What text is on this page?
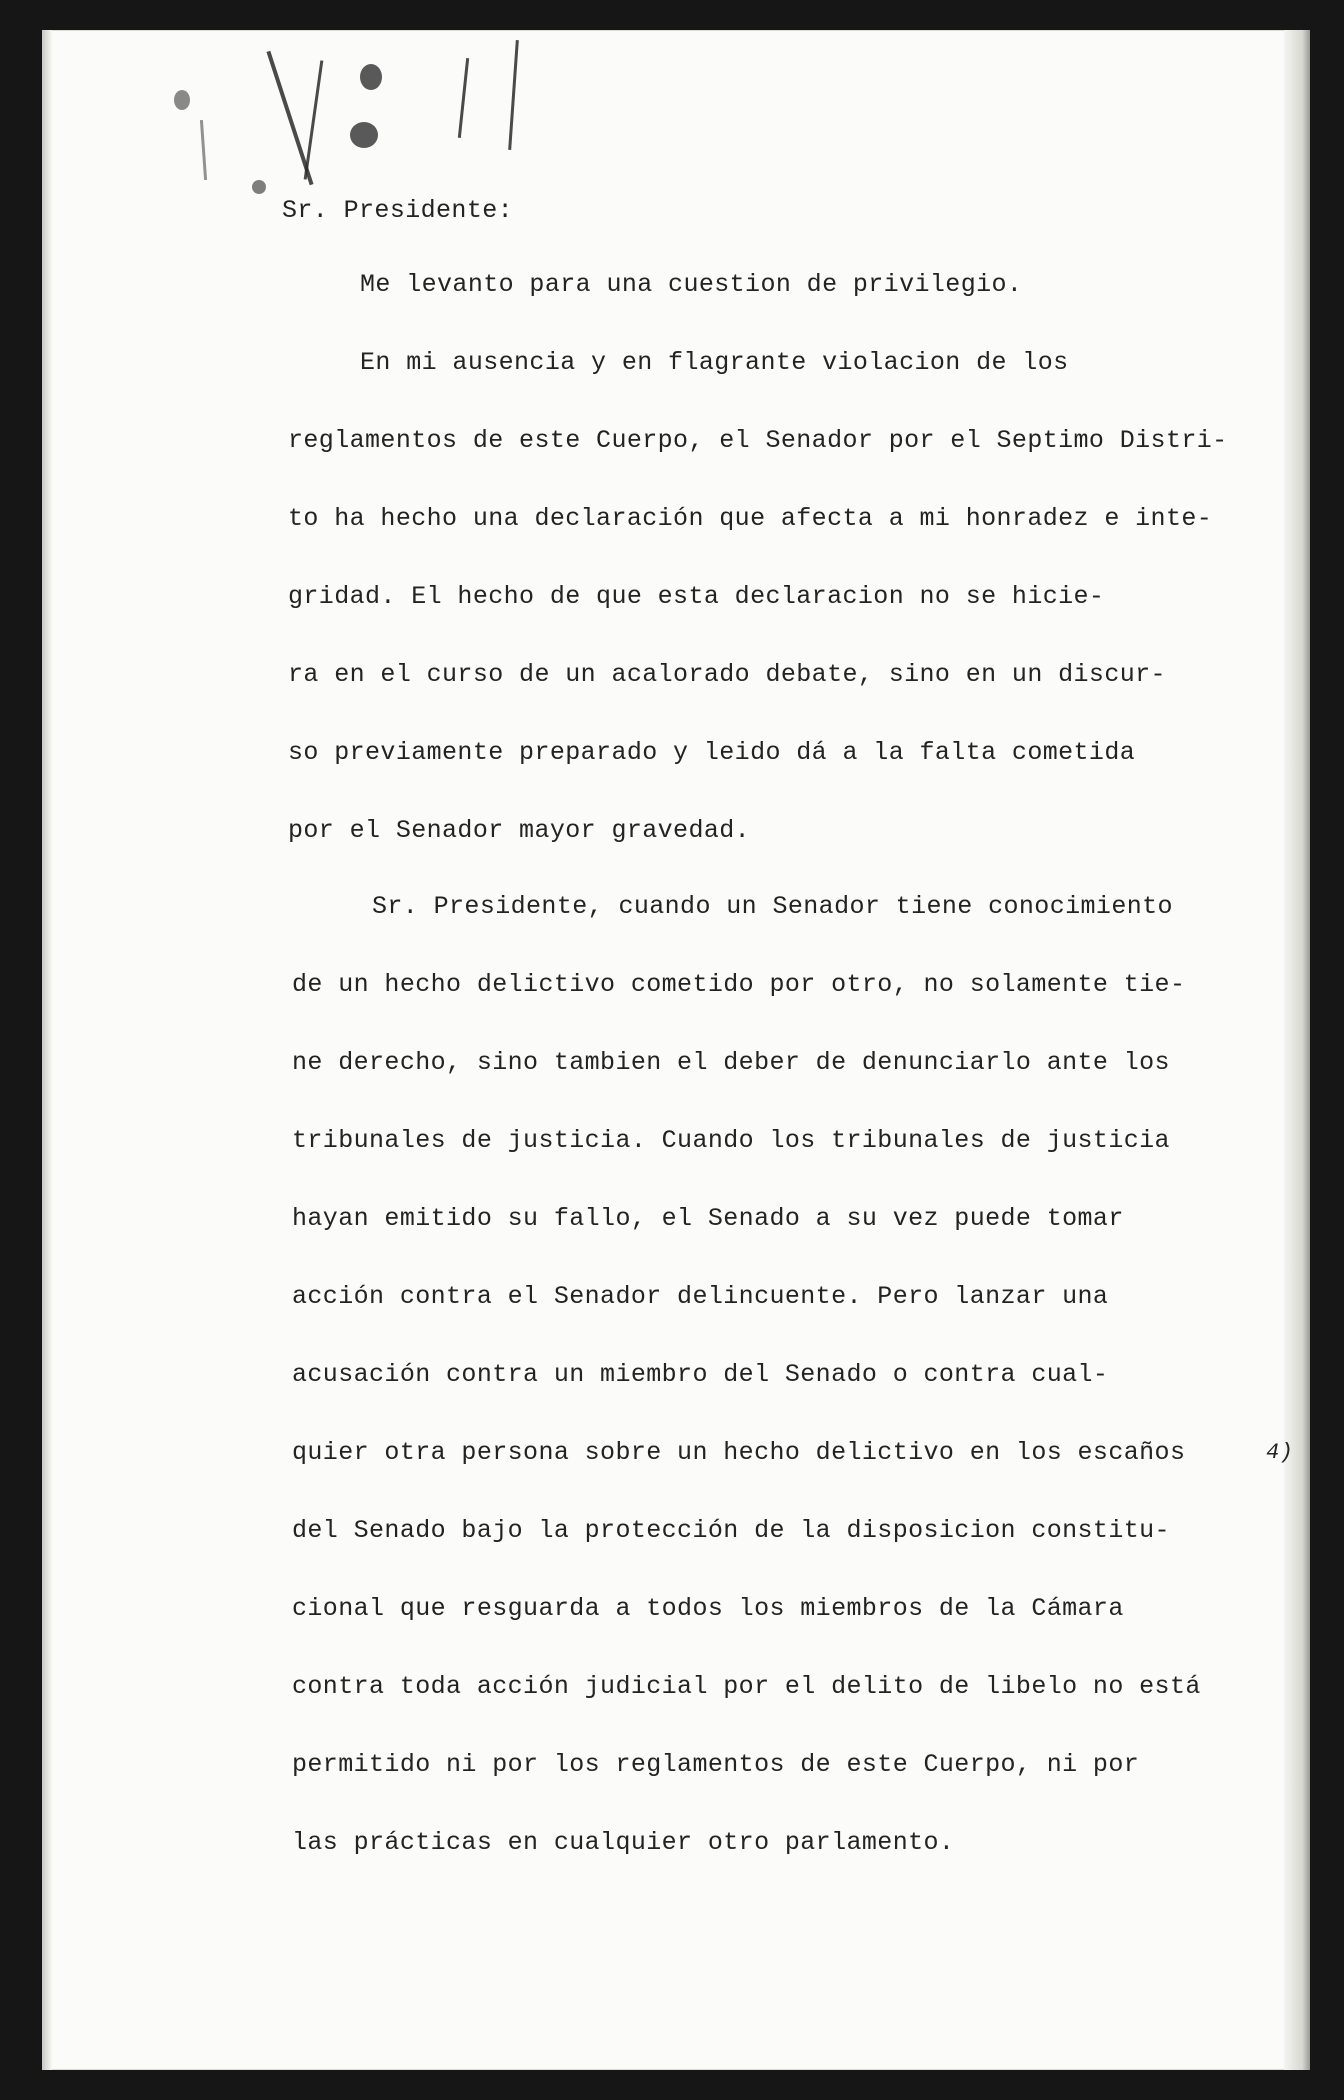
Sr. Presidente:

Me levanto para una cuestion de privilegio.

En mi ausencia y en flagrante violacion de los

reglamentos de este Cuerpo, el Senador por el Septimo Distri-

to ha hecho una declaración que afecta a mi honradez e inte-

gridad. El hecho de que esta declaracion no se hicie-

ra en el curso de un acalorado debate, sino en un discur-

so previamente preparado y leido dá a la falta cometida

por el Senador mayor gravedad.

Sr. Presidente, cuando un Senador tiene conocimiento

de un hecho delictivo cometido por otro, no solamente tie-

ne derecho, sino tambien el deber de denunciarlo ante los

tribunales de justicia. Cuando los tribunales de justicia

hayan emitido su fallo, el Senado a su vez puede tomar

acción contra el Senador delincuente. Pero lanzar una

acusación contra un miembro del Senado o contra cual-

quier otra persona sobre un hecho delictivo en los escaños

del Senado bajo la protección de la disposicion constitu-

cional que resguarda a todos los miembros de la Cámara

contra toda acción judicial por el delito de libelo no está

permitido ni por los reglamentos de este Cuerpo, ni por

las prácticas en cualquier otro parlamento.

4)
